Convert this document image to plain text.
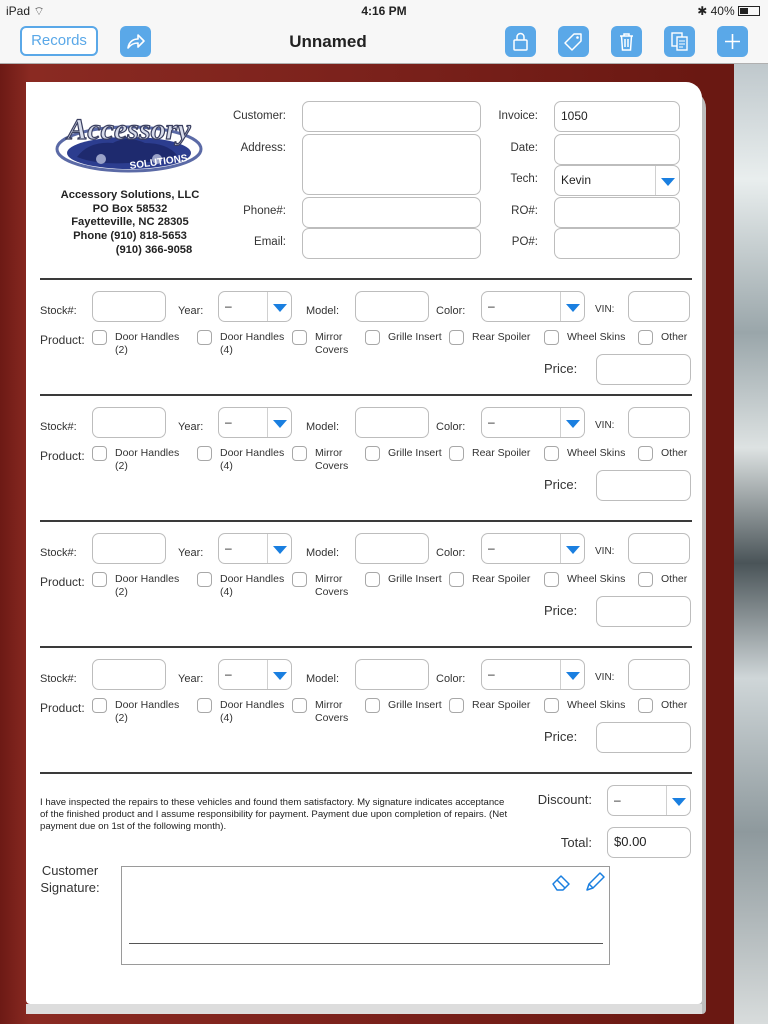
iPad ⌔	4:16 PM	✱ 40%
Records	Unnamed
Accessory
SOLUTIONS
Accessory Solutions, LLC
PO Box 58532
Fayetteville, NC 28305
Phone (910) 818-5653
(910) 366-9058
Customer:
Address:
Phone#:
Email:
Invoice:	1050
Date:
Tech:	Kevin
RO#:
PO#:
Stock#:	Year:	–	Model:	Color:	–	VIN:
Product:	Door Handles
(2)
Door Handles
(4)
Mirror
Covers
Grille Insert	Rear Spoiler	Wheel Skins	Other
Price:
Stock#:	Year:	–	Model:	Color:	–	VIN:
Product:	Door Handles
(2)
Door Handles
(4)
Mirror
Covers
Grille Insert	Rear Spoiler	Wheel Skins	Other
Price:
Stock#:	Year:	–	Model:	Color:	–	VIN:
Product:	Door Handles
(2)
Door Handles
(4)
Mirror
Covers
Grille Insert	Rear Spoiler	Wheel Skins	Other
Price:
Stock#:	Year:	–	Model:	Color:	–	VIN:
Product:	Door Handles
(2)
Door Handles
(4)
Mirror
Covers
Grille Insert	Rear Spoiler	Wheel Skins	Other
Price:
I have inspected the repairs to these vehicles and found them satisfactory. My signature indicates acceptance of the finished product and I assume responsibility for payment. Payment due upon completion of repairs. (Net payment due on 1st of the following month).
Discount:	–
Total:	$0.00
Customer Signature:
